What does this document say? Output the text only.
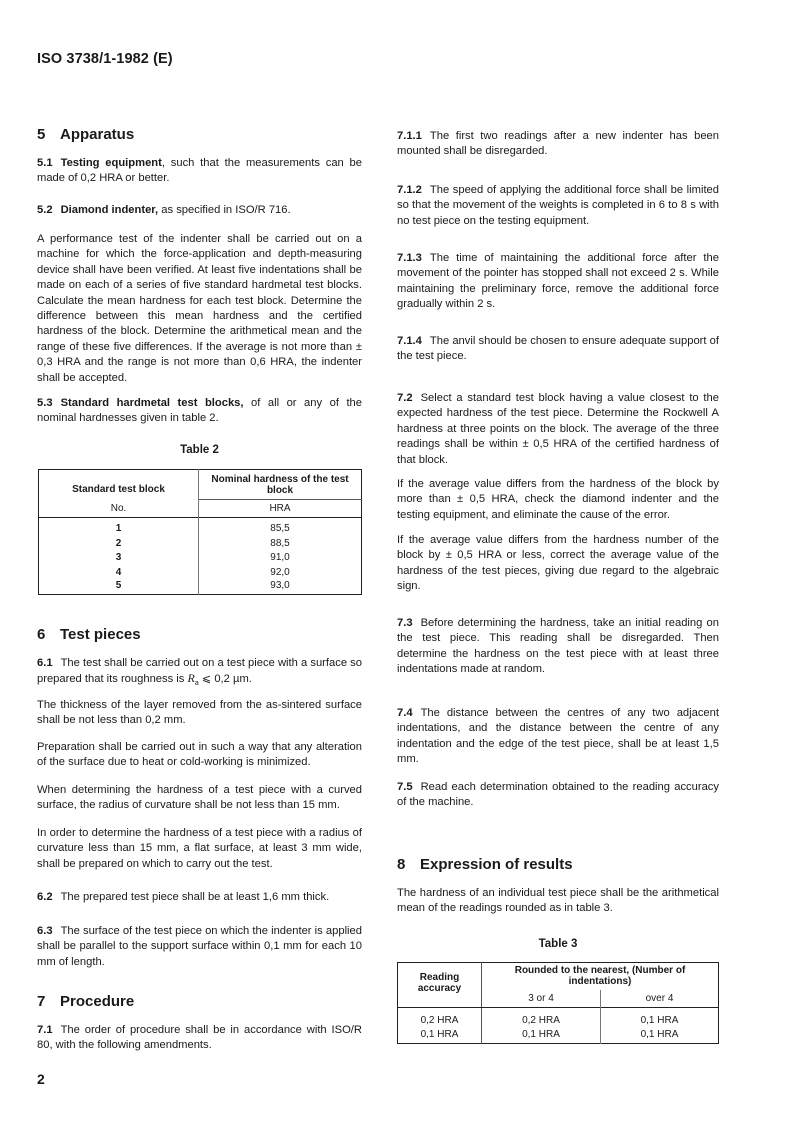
ISO 3738/1-1982 (E)
5 Apparatus
5.1 Testing equipment, such that the measurements can be made of 0,2 HRA or better.
5.2 Diamond indenter, as specified in ISO/R 716.
A performance test of the indenter shall be carried out on a machine for which the force-application and depth-measuring device shall have been verified. At least five indentations shall be made on each of a series of five standard hardmetal test blocks. Calculate the mean hardness for each test block. Determine the difference between this mean hardness and the certified hardness of the block. Determine the arithmetical mean and the range of these five differences. If the average is not more than ± 0,3 HRA and the range is not more than 0,6 HRA, the indenter shall be accepted.
5.3 Standard hardmetal test blocks, of all or any of the nominal hardnesses given in table 2.
Table 2
Standard test block	Nominal hardness of the test block
No.	HRA

1	85,5
2	88,5
3	91,0
4	92,0
5	93,0
6 Test pieces
6.1 The test shall be carried out on a test piece with a surface so prepared that its roughness is $R_a$ ⩽ 0,2 µm.
The thickness of the layer removed from the as-sintered surface shall be not less than 0,2 mm.
Preparation shall be carried out in such a way that any alteration of the surface due to heat or cold-working is minimized.
When determining the hardness of a test piece with a curved surface, the radius of curvature shall be not less than 15 mm.
In order to determine the hardness of a test piece with a radius of curvature less than 15 mm, a flat surface, at least 3 mm wide, shall be prepared on which to carry out the test.
6.2 The prepared test piece shall be at least 1,6 mm thick.
6.3 The surface of the test piece on which the indenter is applied shall be parallel to the support surface within 0,1 mm for each 10 mm of length.
7 Procedure
7.1 The order of procedure shall be in accordance with ISO/R 80, with the following amendments.
2
7.1.1 The first two readings after a new indenter has been mounted shall be disregarded.
7.1.2 The speed of applying the additional force shall be limited so that the movement of the weights is completed in 6 to 8 s with no test piece on the testing equipment.
7.1.3 The time of maintaining the additional force after the movement of the pointer has stopped shall not exceed 2 s. While maintaining the preliminary force, remove the additional force gradually within 2 s.
7.1.4 The anvil should be chosen to ensure adequate support of the test piece.
7.2 Select a standard test block having a value closest to the expected hardness of the test piece. Determine the Rockwell A hardness at three points on the block. The average of the three readings shall be within ± 0,5 HRA of the certified hardness of that block.
If the average value differs from the hardness of the block by more than ± 0,5 HRA, check the diamond indenter and the testing equipment, and eliminate the cause of the error.
If the average value differs from the hardness number of the block by ± 0,5 HRA or less, correct the average value of the hardness of the test pieces, giving due regard to the algebraic sign.
7.3 Before determining the hardness, take an initial reading on the test piece. This reading shall be disregarded. Then determine the hardness on the test piece with at least three indentations made at random.
7.4 The distance between the centres of any two adjacent indentations, and the distance between the centre of any indentation and the edge of the test piece, shall be at least 1,5 mm.
7.5 Read each determination obtained to the reading accuracy of the machine.
8 Expression of results
The hardness of an individual test piece shall be the arithmetical mean of the readings rounded as in table 3.
Table 3
Reading accuracy	Rounded to the nearest, (Number of indentations)	
	3 or 4	over 4
0,2 HRA	0,2 HRA	0,1 HRA
0,1 HRA	0,1 HRA	0,1 HRA
